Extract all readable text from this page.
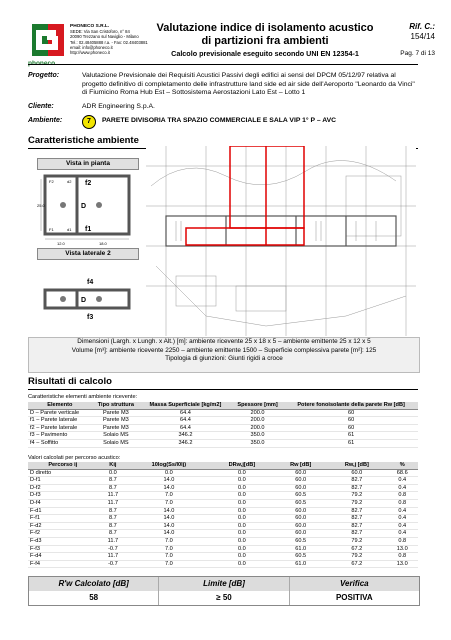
PHONECO S.R.L.
SEDE: Via San Cristoforo, n° 84
20090 Trezzano sul Naviglio - Milano
Tel.: 02.48405888 r.a. - Fax: 02.48403881
email: info@phoneco.it
http://www.phoneco.it
Valutazione indice di isolamento acustico
di partizioni fra ambienti
Calcolo previsionale eseguito secondo UNI EN 12354-1
Rif. C.:
154/14
Pag. 7 di 13
Progetto:	Valutazione Previsionale dei Requisiti Acustici Passivi degli edifici ai sensi del DPCM 05/12/97 relativa al progetto definitivo di completamento delle infrastrutture land side ed air side dell'Aeroporto "Leonardo da Vinci" di Fiumicino Roma Hub Est – Sottosistema Aerostazioni Lato Est – Lotto 1
Cliente:	ADR Engineering S.p.A.
Ambiente:	7	PARETE DIVISORIA TRA SPAZIO COMMERCIALE E SALA VIP 1° P – AVC
Caratteristiche ambiente
Vista in pianta
f2
f1
D
F2
F1
d2
d1
25.0
12.0	18.0
Vista laterale 2
f4
f3
D
Dimensioni (Largh. x Lungh. x Alt.) [m]: ambiente ricevente 25 x 18 x 5 – ambiente emittente 25 x 12 x 5
Volume [m³]: ambiente ricevente 2250 – ambiente emittente 1500 – Superficie complessiva parete [m²]: 125
Tipologia di giunzioni: Giunti rigidi a croce
Risultati di calcolo
Caratteristiche elementi ambiente ricevente:
Elemento	Tipo struttura	Massa Superficiale [kg/m2]	Spessore [mm]	Potere fonoisolante della parete Rw [dB]
D – Parete verticale	Parete M3	64.4	200.0	60
f1 – Parete laterale	Parete M3	64.4	200.0	60
f2 – Parete laterale	Parete M3	64.4	200.0	60
f3 – Pavimento	Solaio MS	346.2	350.0	61
f4 – Soffitto	Solaio MS	346.2	350.0	61
Valori calcolati per percorso acustico:
Percorso ij	Kij	10log(Ss/l0lj)	DRw,j[dB]	Rw [dB]	Rw,j [dB]	%
D diretto	0.0	0.0	0.0	60.0	60.0	68.6
D-f1	8.7	14.0	0.0	60.0	82.7	0.4
D-f2	8.7	14.0	0.0	60.0	82.7	0.4
D-f3	11.7	7.0	0.0	60.5	79.2	0.8
D-f4	11.7	7.0	0.0	60.5	79.2	0.8
F-d1	8.7	14.0	0.0	60.0	82.7	0.4
F-f1	8.7	14.0	0.0	60.0	82.7	0.4
F-d2	8.7	14.0	0.0	60.0	82.7	0.4
F-f2	8.7	14.0	0.0	60.0	82.7	0.4
F-d3	11.7	7.0	0.0	60.5	79.2	0.8
F-f3	-0.7	7.0	0.0	61.0	67.2	13.0
F-d4	11.7	7.0	0.0	60.5	79.2	0.8
F-f4	-0.7	7.0	0.0	61.0	67.2	13.0
R'w Calcolato [dB]	Limite [dB]	Verifica
58	≥ 50	POSITIVA
